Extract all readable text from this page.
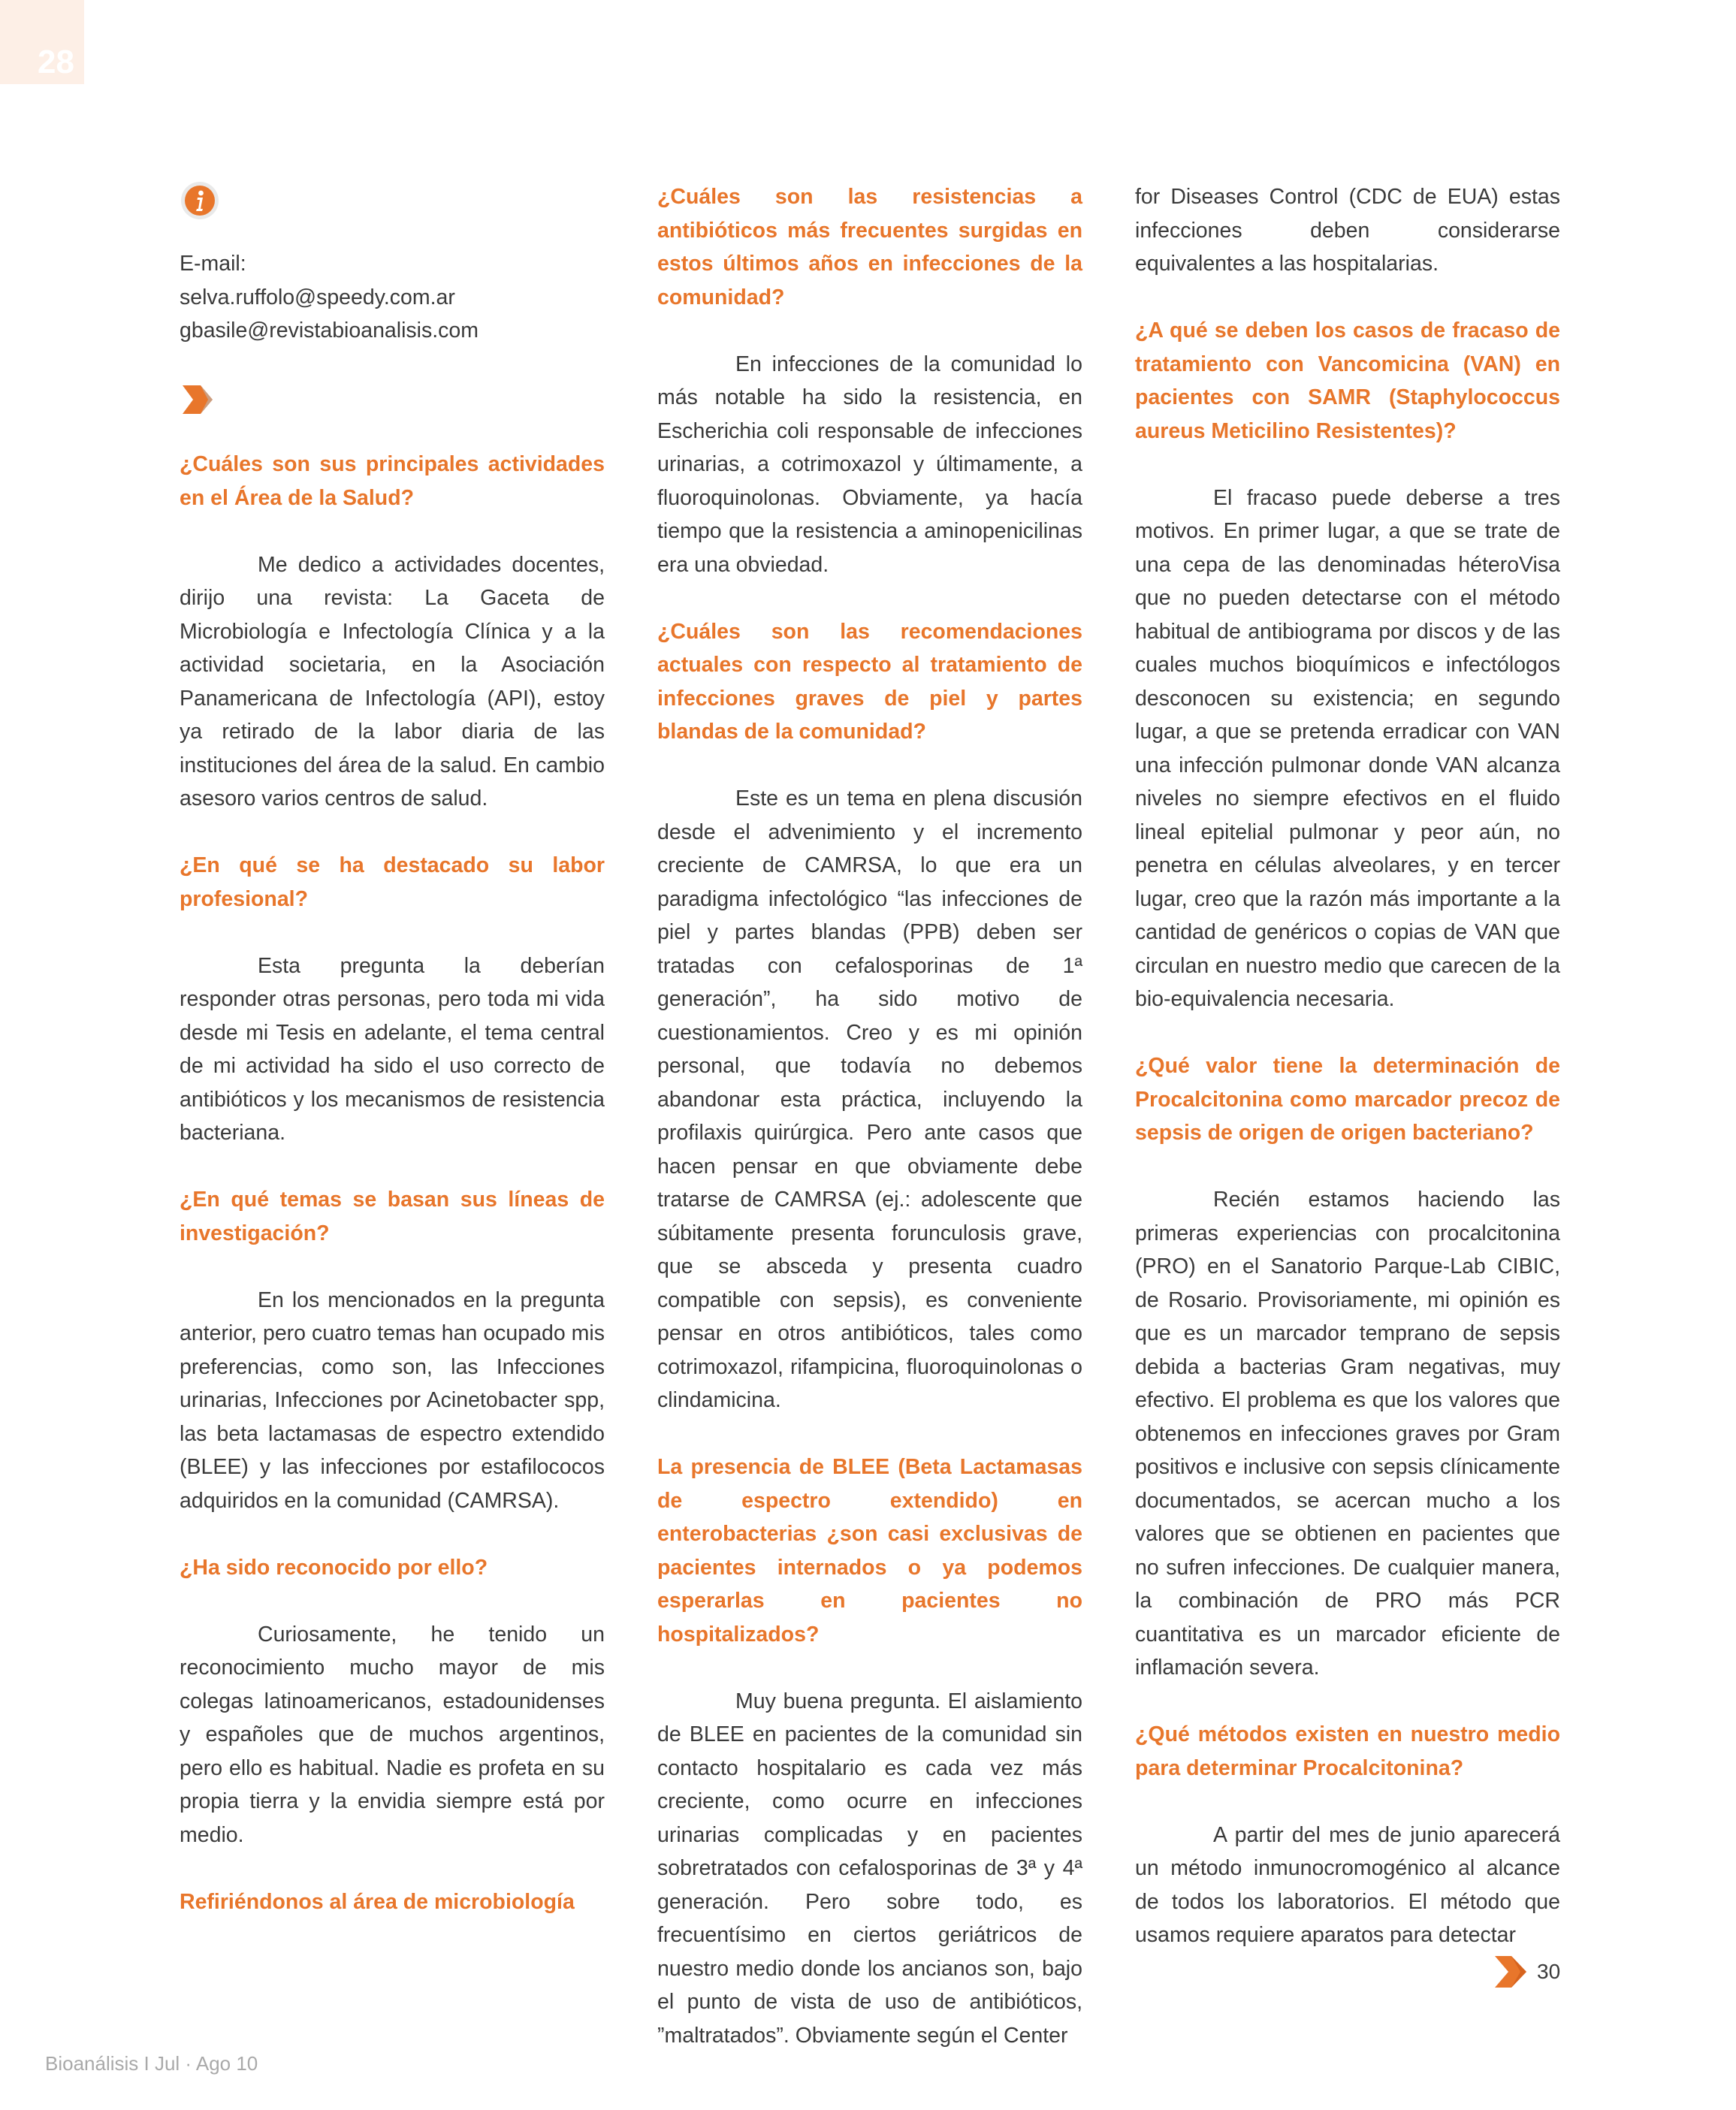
28

E-mail:
selva.ruffolo@speedy.com.ar
gbasile@revistabioanalisis.com

¿Cuáles son sus principales actividades en el Área de la Salud?

Me dedico a actividades docentes, dirijo una revista: La Gaceta de Microbiología e Infectología Clínica y a la actividad societaria, en la Asociación Panamericana de Infectología (API), estoy ya retirado de la labor diaria de las instituciones del área de la salud. En cambio asesoro varios centros de salud.

¿En qué se ha destacado su labor profesional?

Esta pregunta la deberían responder otras personas, pero toda mi vida desde mi Tesis en adelante, el tema central de mi actividad ha sido el uso correcto de antibióticos y los mecanismos de resistencia bacteriana.

¿En qué temas se basan sus líneas de investigación?

En los mencionados en la pregunta anterior, pero cuatro temas han ocupado mis preferencias, como son, las Infecciones urinarias, Infecciones por Acinetobacter spp, las beta lactamasas de espectro extendido (BLEE) y las infecciones por estafilococos adquiridos en la comunidad (CAMRSA).

¿Ha sido reconocido por ello?

Curiosamente, he tenido un reconocimiento mucho mayor de mis colegas latinoamericanos, estadounidenses y españoles que de muchos argentinos, pero ello es habitual. Nadie es profeta en su propia tierra y la envidia siempre está por medio.

Refiriéndonos al área de microbiología

¿Cuáles son las resistencias a antibióticos más frecuentes surgidas en estos últimos años en infecciones de la comunidad?

En infecciones de la comunidad lo más notable ha sido la resistencia, en Escherichia coli responsable de infecciones urinarias, a cotrimoxazol y últimamente, a fluoroquinolonas. Obviamente, ya hacía tiempo que la resistencia a aminopenicilinas era una obviedad.

¿Cuáles son las recomendaciones actuales con respecto al tratamiento de infecciones graves de piel y partes blandas de la comunidad?

Este es un tema en plena discusión desde el advenimiento y el incremento creciente de CAMRSA, lo que era un paradigma infectológico “las infecciones de piel y partes blandas (PPB) deben ser tratadas con cefalosporinas de 1ª generación”, ha sido motivo de cuestionamientos. Creo y es mi opinión personal, que todavía no debemos abandonar esta práctica, incluyendo la profilaxis quirúrgica. Pero ante casos que hacen pensar en que obviamente debe tratarse de CAMRSA (ej.: adolescente que súbitamente presenta forunculosis grave, que se absceda y presenta cuadro compatible con sepsis), es conveniente pensar en otros antibióticos, tales como cotrimoxazol, rifampicina, fluoroquinolonas o clindamicina.

La presencia de BLEE (Beta Lactamasas de espectro extendido) en enterobacterias ¿son casi exclusivas de pacientes internados o ya podemos esperarlas en pacientes no hospitalizados?

Muy buena pregunta. El aislamiento de BLEE en pacientes de la comunidad sin contacto hospitalario es cada vez más creciente, como ocurre en infecciones urinarias complicadas y en pacientes sobretratados con cefalosporinas de 3ª y 4ª generación. Pero sobre todo, es frecuentísimo en ciertos geriátricos de nuestro medio donde los ancianos son, bajo el punto de vista de uso de antibióticos, ”maltratados”. Obviamente según el Center

for Diseases Control (CDC de EUA) estas infecciones deben considerarse equivalentes a las hospitalarias.

¿A qué se deben los casos de fracaso de tratamiento con Vancomicina (VAN) en pacientes con SAMR (Staphylococcus aureus Meticilino Resistentes)?

El fracaso puede deberse a tres motivos. En primer lugar, a que se trate de una cepa de las denominadas héteroVisa que no pueden detectarse con el método habitual de antibiograma por discos y de las cuales muchos bioquímicos e infectólogos desconocen su existencia; en segundo lugar, a que se pretenda erradicar con VAN una infección pulmonar donde VAN alcanza niveles no siempre efectivos en el fluido lineal epitelial pulmonar y peor aún, no penetra en células alveolares, y en tercer lugar, creo que la razón más importante a la cantidad de genéricos o copias de VAN que circulan en nuestro medio que carecen de la bio-equivalencia necesaria.

¿Qué valor tiene la determinación de Procalcitonina como marcador precoz de sepsis de origen de origen bacteriano?

Recién estamos haciendo las primeras experiencias con procalcitonina (PRO) en el Sanatorio Parque-Lab CIBIC, de Rosario. Provisoriamente, mi opinión es que es un marcador temprano de sepsis debida a bacterias Gram negativas, muy efectivo. El problema es que los valores que obtenemos en infecciones graves por Gram positivos e inclusive con sepsis clínicamente documentados, se acercan mucho a los valores que se obtienen en pacientes que no sufren infecciones. De cualquier manera, la combinación de PRO más PCR cuantitativa es un marcador eficiente de inflamación severa.

¿Qué métodos existen en nuestro medio para determinar Procalcitonina?

A partir del mes de junio aparecerá un método inmunocromogénico al alcance de todos los laboratorios. El método que usamos requiere aparatos para detectar

30
Bioanálisis I Jul · Ago 10
